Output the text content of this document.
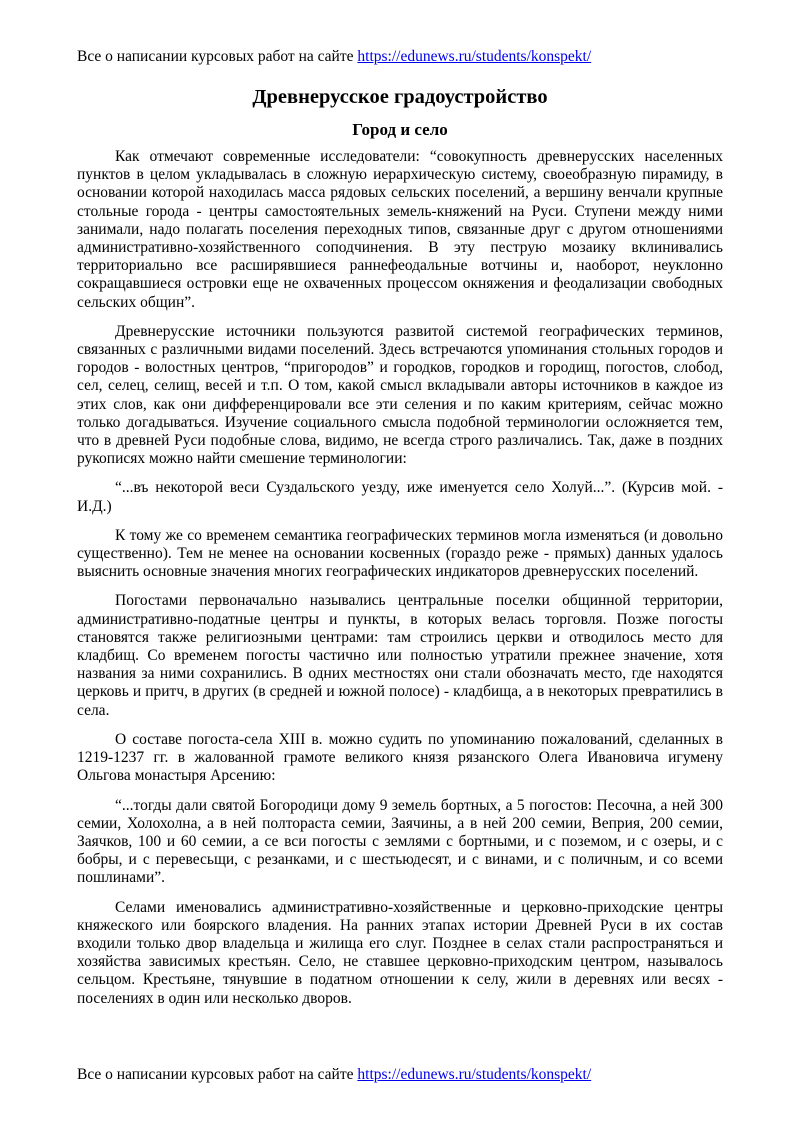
Все о написании курсовых работ на сайте https://edunews.ru/students/konspekt/
Древнерусское градоустройство
Город и село

Как отмечают современные исследователи: “совокупность древнерусских населенных пунктов в целом укладывалась в сложную иерархическую систему, своеобразную пирамиду, в основании которой находилась масса рядовых сельских поселений, а вершину венчали крупные стольные города - центры самостоятельных земель-княжений на Руси. Ступени между ними занимали, надо полагать поселения переходных типов, связанные друг с другом отношениями административно-хозяйственного соподчинения. В эту пеструю мозаику вклинивались территориально все расширявшиеся раннефеодальные вотчины и, наоборот, неуклонно сокращавшиеся островки еще не охваченных процессом окняжения и феодализации свободных сельских общин”.

Древнерусские источники пользуются развитой системой географических терминов, связанных с различными видами поселений. Здесь встречаются упоминания стольных городов и городов - волостных центров, “пригородов” и городков, городков и городищ, погостов, слобод, сел, селец, селищ, весей и т.п. О том, какой смысл вкладывали авторы источников в каждое из этих слов, как они дифференцировали все эти селения и по каким критериям, сейчас можно только догадываться. Изучение социального смысла подобной терминологии осложняется тем, что в древней Руси подобные слова, видимо, не всегда строго различались. Так, даже в поздних рукописях можно найти смешение терминологии:

“...въ некоторой веси Суздальского уезду, иже именуется село Холуй...”. (Курсив мой. - И.Д.)

К тому же со временем семантика географических терминов могла изменяться (и довольно существенно). Тем не менее на основании косвенных (гораздо реже - прямых) данных удалось выяснить основные значения многих географических индикаторов древнерусских поселений.

Погостами первоначально назывались центральные поселки общинной территории, административно-податные центры и пункты, в которых велась торговля. Позже погосты становятся также религиозными центрами: там строились церкви и отводилось место для кладбищ. Со временем погосты частично или полностью утратили прежнее значение, хотя названия за ними сохранились. В одних местностях они стали обозначать место, где находятся церковь и притч, в других (в средней и южной полосе) - кладбища, а в некоторых превратились в села.

О составе погоста-села XIII в. можно судить по упоминанию пожалований, сделанных в 1219-1237 гг. в жалованной грамоте великого князя рязанского Олега Ивановича игумену Ольгова монастыря Арсению:

“...тогды дали святой Богородици дому 9 земель бортных, а 5 погостов: Песочна, а ней 300 семии, Холохолна, а в ней полтораста семии, Заячины, а в ней 200 семии, Веприя, 200 семии, Заячков, 100 и 60 семии, а се вси погосты с землями с бортными, и с поземом, и с озеры, и с бобры, и с перевесьщи, с резанками, и с шестьюдесят, и с винами, и с поличным, и со всеми пошлинами”.

Селами именовались административно-хозяйственные и церковно-приходские центры княжеского или боярского владения. На ранних этапах истории Древней Руси в их состав входили только двор владельца и жилища его слуг. Позднее в селах стали распространяться и хозяйства зависимых крестьян. Село, не ставшее церковно-приходским центром, называлось сельцом. Крестьяне, тянувшие в податном отношении к селу, жили в деревнях или весях - поселениях в один или несколько дворов.

Все о написании курсовых работ на сайте https://edunews.ru/students/konspekt/
